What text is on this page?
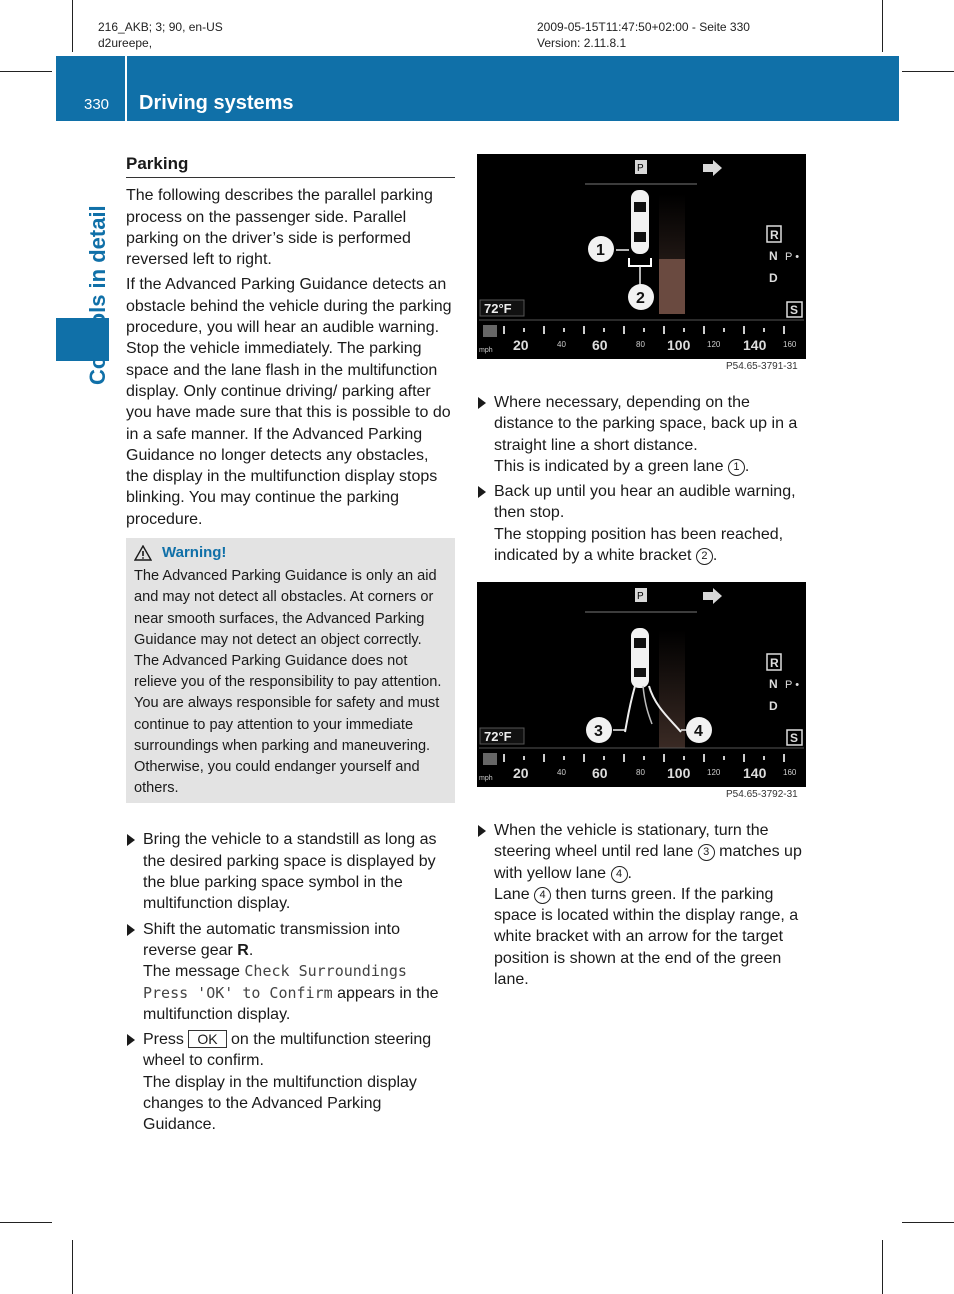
216_AKB; 3; 90, en-US
d2ureepe,
2009-05-15T11:47:50+02:00 - Seite 330
Version: 2.11.8.1
330 Driving systems
Controls in detail
Parking

The following describes the parallel parking process on the passenger side. Parallel parking on the driver’s side is performed reversed left to right.

If the Advanced Parking Guidance detects an obstacle behind the vehicle during the parking procedure, you will hear an audible warning. Stop the vehicle immediately. The parking space and the lane flash in the multifunction display. Only continue driving/ parking after you have made sure that this is possible to do in a safe manner. If the Advanced Parking Guidance no longer detects any obstacles, the display in the multifunction display stops blinking. You may continue the parking procedure.

Warning!
The Advanced Parking Guidance is only an aid and may not detect all obstacles. At corners or near smooth surfaces, the Advanced Parking Guidance may not detect an object correctly. The Advanced Parking Guidance does not relieve you of the responsibility to pay attention. You are always responsible for safety and must continue to pay attention to your immediate surroundings when parking and maneuvering. Otherwise, you could endanger yourself and others.
Bring the vehicle to a standstill as long as the desired parking space is displayed by the blue parking space symbol in the multifunction display.
Shift the automatic transmission into reverse gear R.
The message Check Surroundings
Press 'OK' to Confirm appears in the multifunction display.
Press OK on the multifunction steering wheel to confirm.
The display in the multifunction display changes to the Advanced Parking Guidance.
P
1
2
R
N P •
D
S
72°F
mph 20	40 60	80 100 120 140 160
P54.65-3791-31
Where necessary, depending on the distance to the parking space, back up in a straight line a short distance.
This is indicated by a green lane 1 .
Back up until you hear an audible warning, then stop.
The stopping position has been reached, indicated by a white bracket 2 .
P
3	4
R
N P •
D
S
72°F
mph 20	40 60	80 100 120 140 160
P54.65-3792-31
When the vehicle is stationary, turn the steering wheel until red lane 3 matches up with yellow lane 4 .
Lane 4 then turns green. If the parking space is located within the display range, a white bracket with an arrow for the target position is shown at the end of the green lane.
